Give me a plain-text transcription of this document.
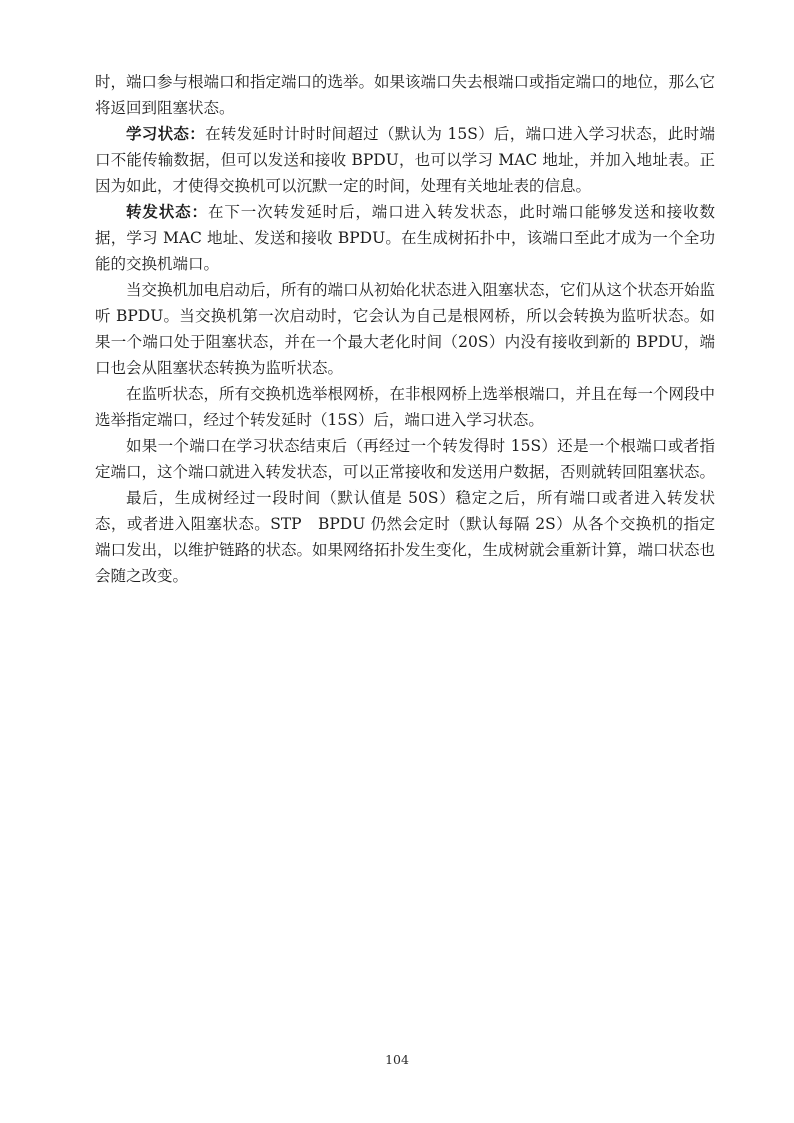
时，端口参与根端口和指定端口的选举。如果该端口失去根端口或指定端口的地位，那么它将返回到阻塞状态。

学习状态：在转发延时计时时间超过（默认为 15S）后，端口进入学习状态，此时端口不能传输数据，但可以发送和接收 BPDU，也可以学习 MAC 地址，并加入地址表。正因为如此，才使得交换机可以沉默一定的时间，处理有关地址表的信息。

转发状态：在下一次转发延时后，端口进入转发状态，此时端口能够发送和接收数据，学习 MAC 地址、发送和接收 BPDU。在生成树拓扑中，该端口至此才成为一个全功能的交换机端口。

当交换机加电启动后，所有的端口从初始化状态进入阻塞状态，它们从这个状态开始监听 BPDU。当交换机第一次启动时，它会认为自己是根网桥，所以会转换为监听状态。如果一个端口处于阻塞状态，并在一个最大老化时间（20S）内没有接收到新的 BPDU，端口也会从阻塞状态转换为监听状态。

在监听状态，所有交换机选举根网桥，在非根网桥上选举根端口，并且在每一个网段中选举指定端口，经过个转发延时（15S）后，端口进入学习状态。

如果一个端口在学习状态结束后（再经过一个转发得时 15S）还是一个根端口或者指定端口，这个端口就进入转发状态，可以正常接收和发送用户数据，否则就转回阻塞状态。

最后，生成树经过一段时间（默认值是 50S）稳定之后，所有端口或者进入转发状态，或者进入阻塞状态。STP　BPDU 仍然会定时（默认每隔 2S）从各个交换机的指定端口发出，以维护链路的状态。如果网络拓扑发生变化，生成树就会重新计算，端口状态也会随之改变。

104
